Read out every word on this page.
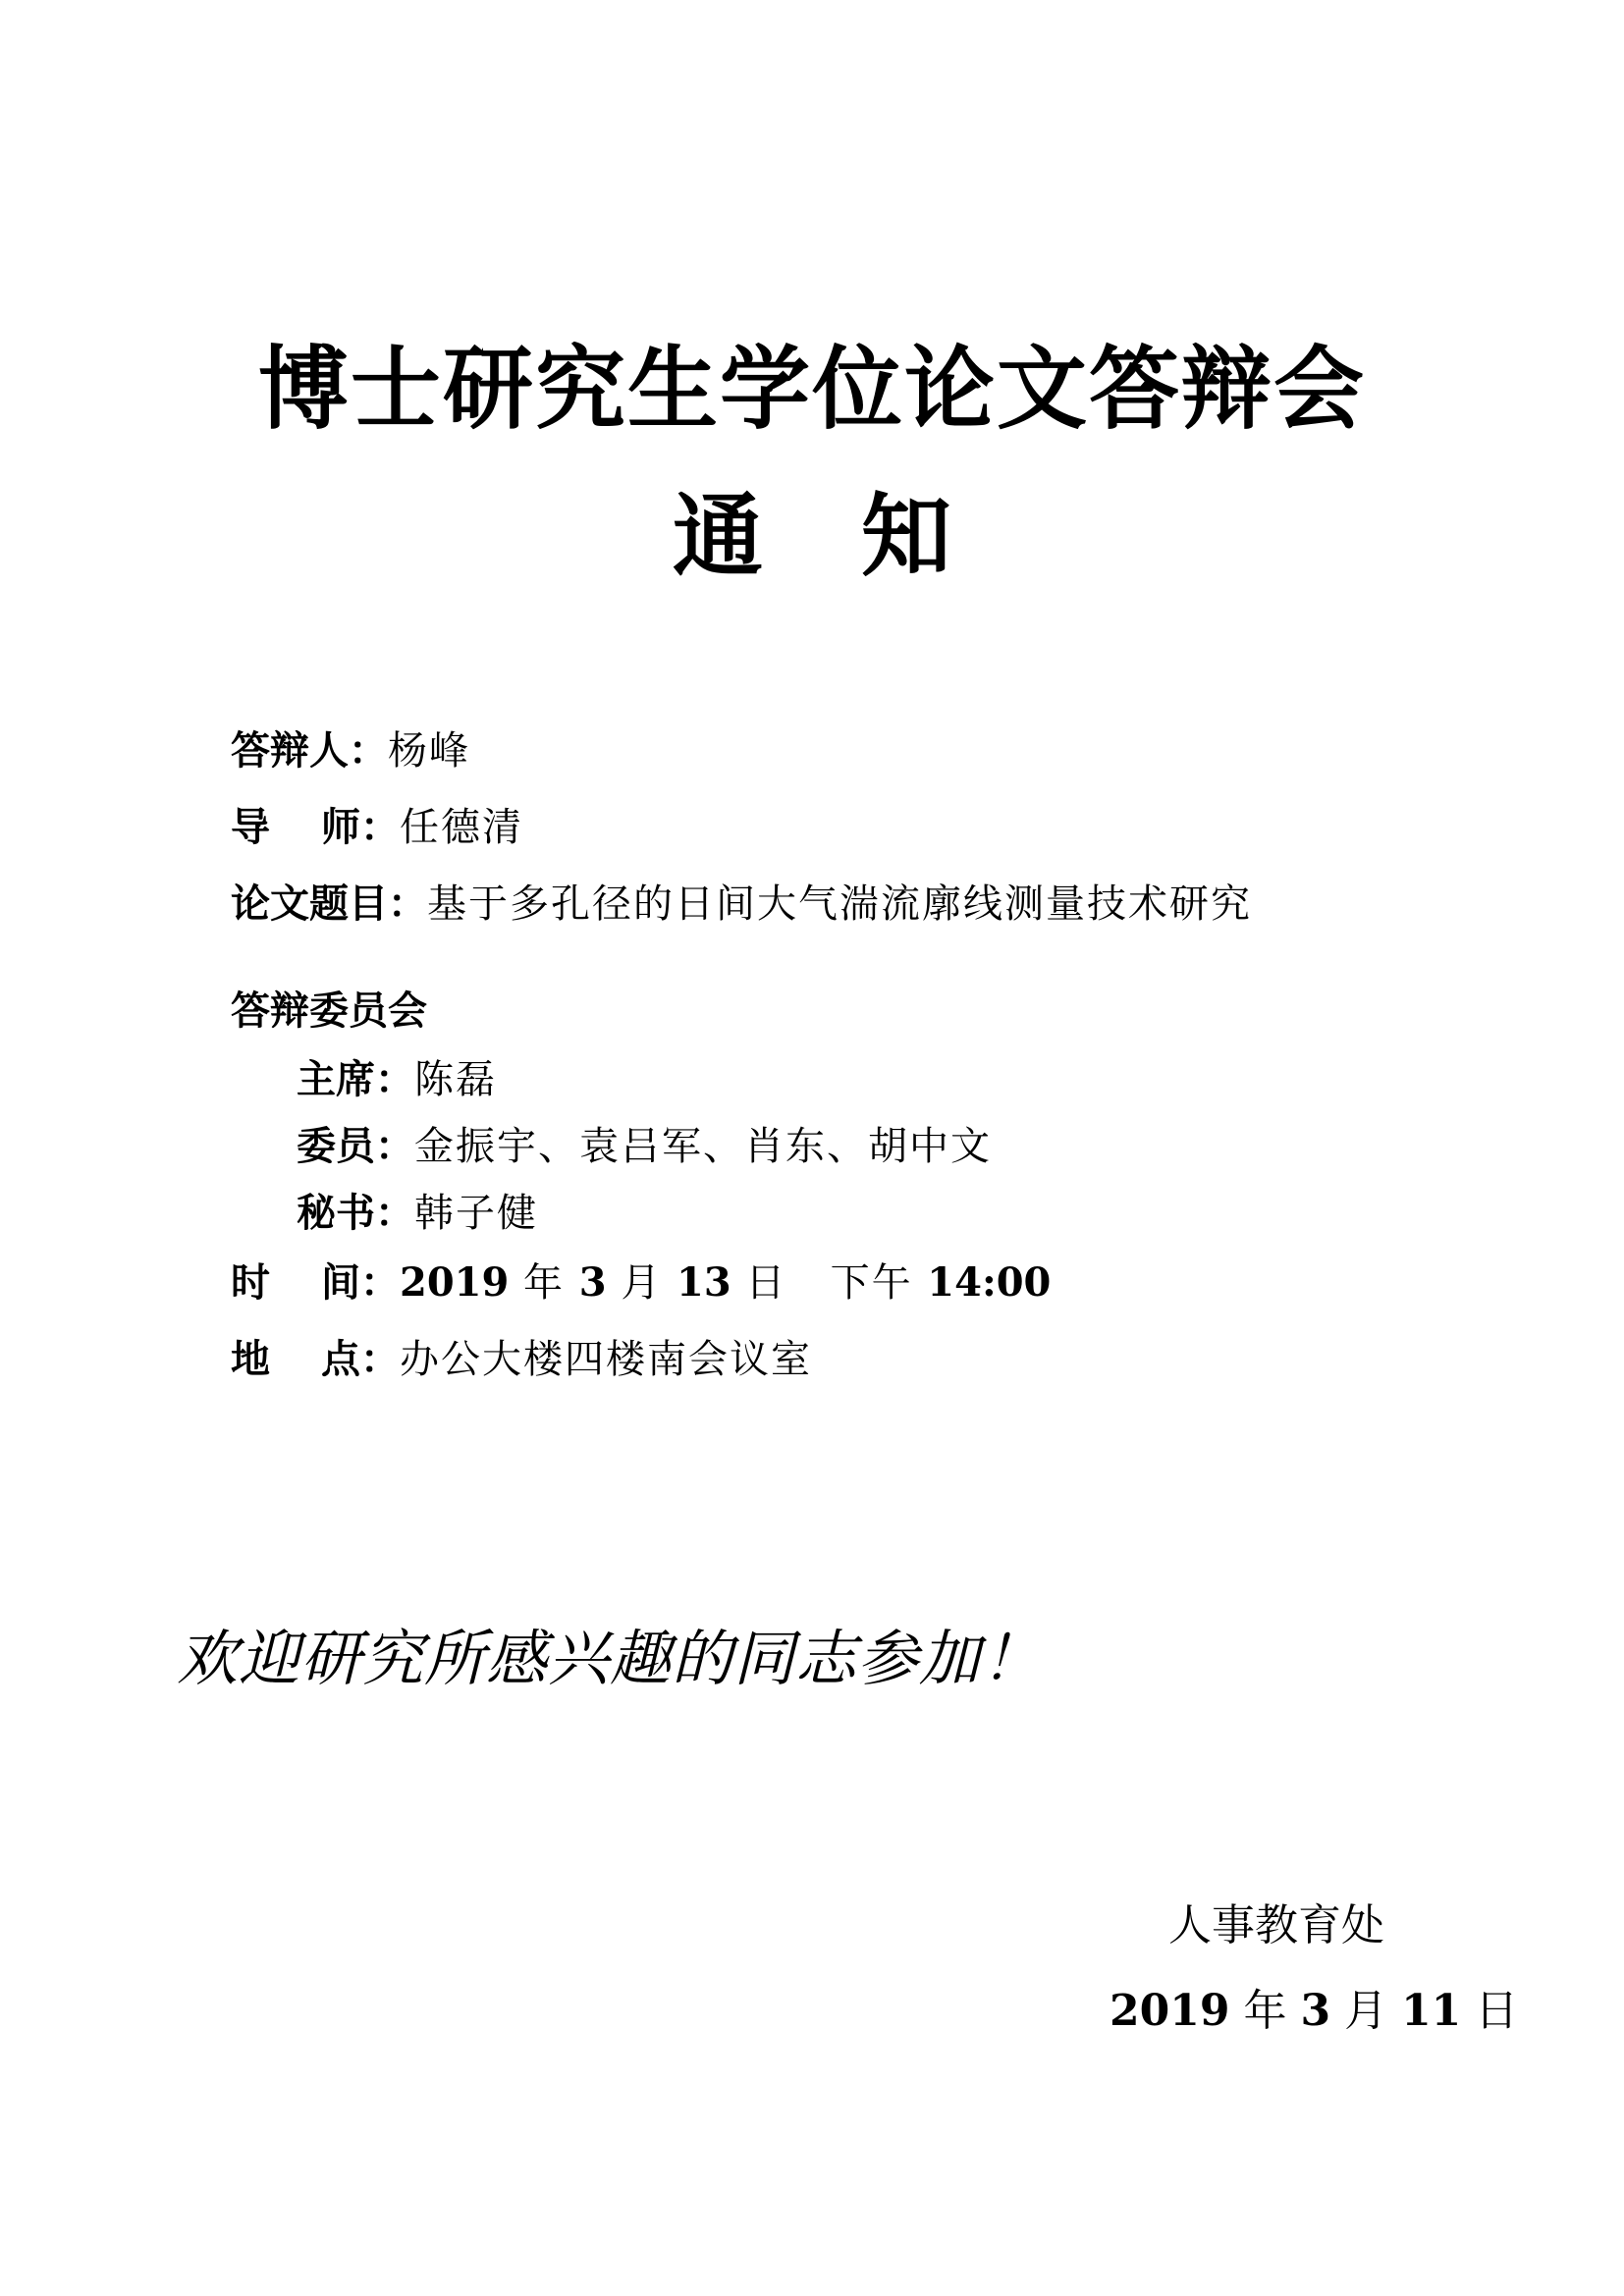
博士研究生学位论文答辩会
通 知
答辩人：杨峰
导 师：任德清
论文题目：基于多孔径的日间大气湍流廓线测量技术研究
答辩委员会
主席：陈磊
委员：金振宇、袁吕军、肖东、胡中文
秘书：韩子健
时 间：2019 年 3 月 13 日   下午 14:00
地 点：办公大楼四楼南会议室
欢迎研究所感兴趣的同志参加！
人事教育处
2019 年 3 月 11 日
